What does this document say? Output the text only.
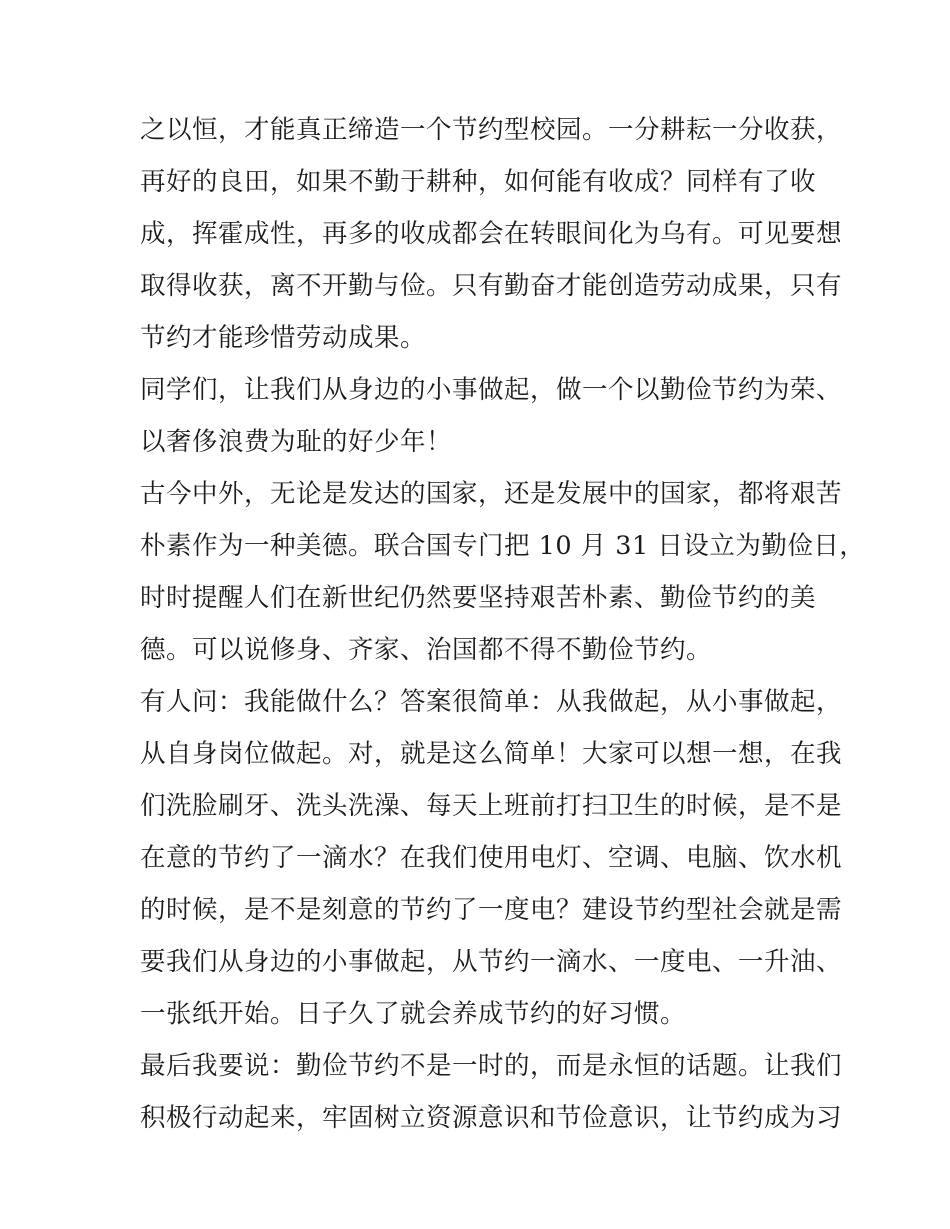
之以恒，才能真正缔造一个节约型校园。一分耕耘一分收获，
再好的良田，如果不勤于耕种，如何能有收成？同样有了收
成，挥霍成性，再多的收成都会在转眼间化为乌有。可见要想
取得收获，离不开勤与俭。只有勤奋才能创造劳动成果，只有
节约才能珍惜劳动成果。
同学们，让我们从身边的小事做起，做一个以勤俭节约为荣、
以奢侈浪费为耻的好少年！
古今中外，无论是发达的国家，还是发展中的国家，都将艰苦
朴素作为一种美德。联合国专门把 10 月 31 日设立为勤俭日，
时时提醒人们在新世纪仍然要坚持艰苦朴素、勤俭节约的美
德。可以说修身、齐家、治国都不得不勤俭节约。
有人问：我能做什么？答案很简单：从我做起，从小事做起，
从自身岗位做起。对，就是这么简单！大家可以想一想，在我
们洗脸刷牙、洗头洗澡、每天上班前打扫卫生的时候，是不是
在意的节约了一滴水？在我们使用电灯、空调、电脑、饮水机
的时候，是不是刻意的节约了一度电？建设节约型社会就是需
要我们从身边的小事做起，从节约一滴水、一度电、一升油、
一张纸开始。日子久了就会养成节约的好习惯。
最后我要说：勤俭节约不是一时的，而是永恒的话题。让我们
积极行动起来，牢固树立资源意识和节俭意识，让节约成为习
